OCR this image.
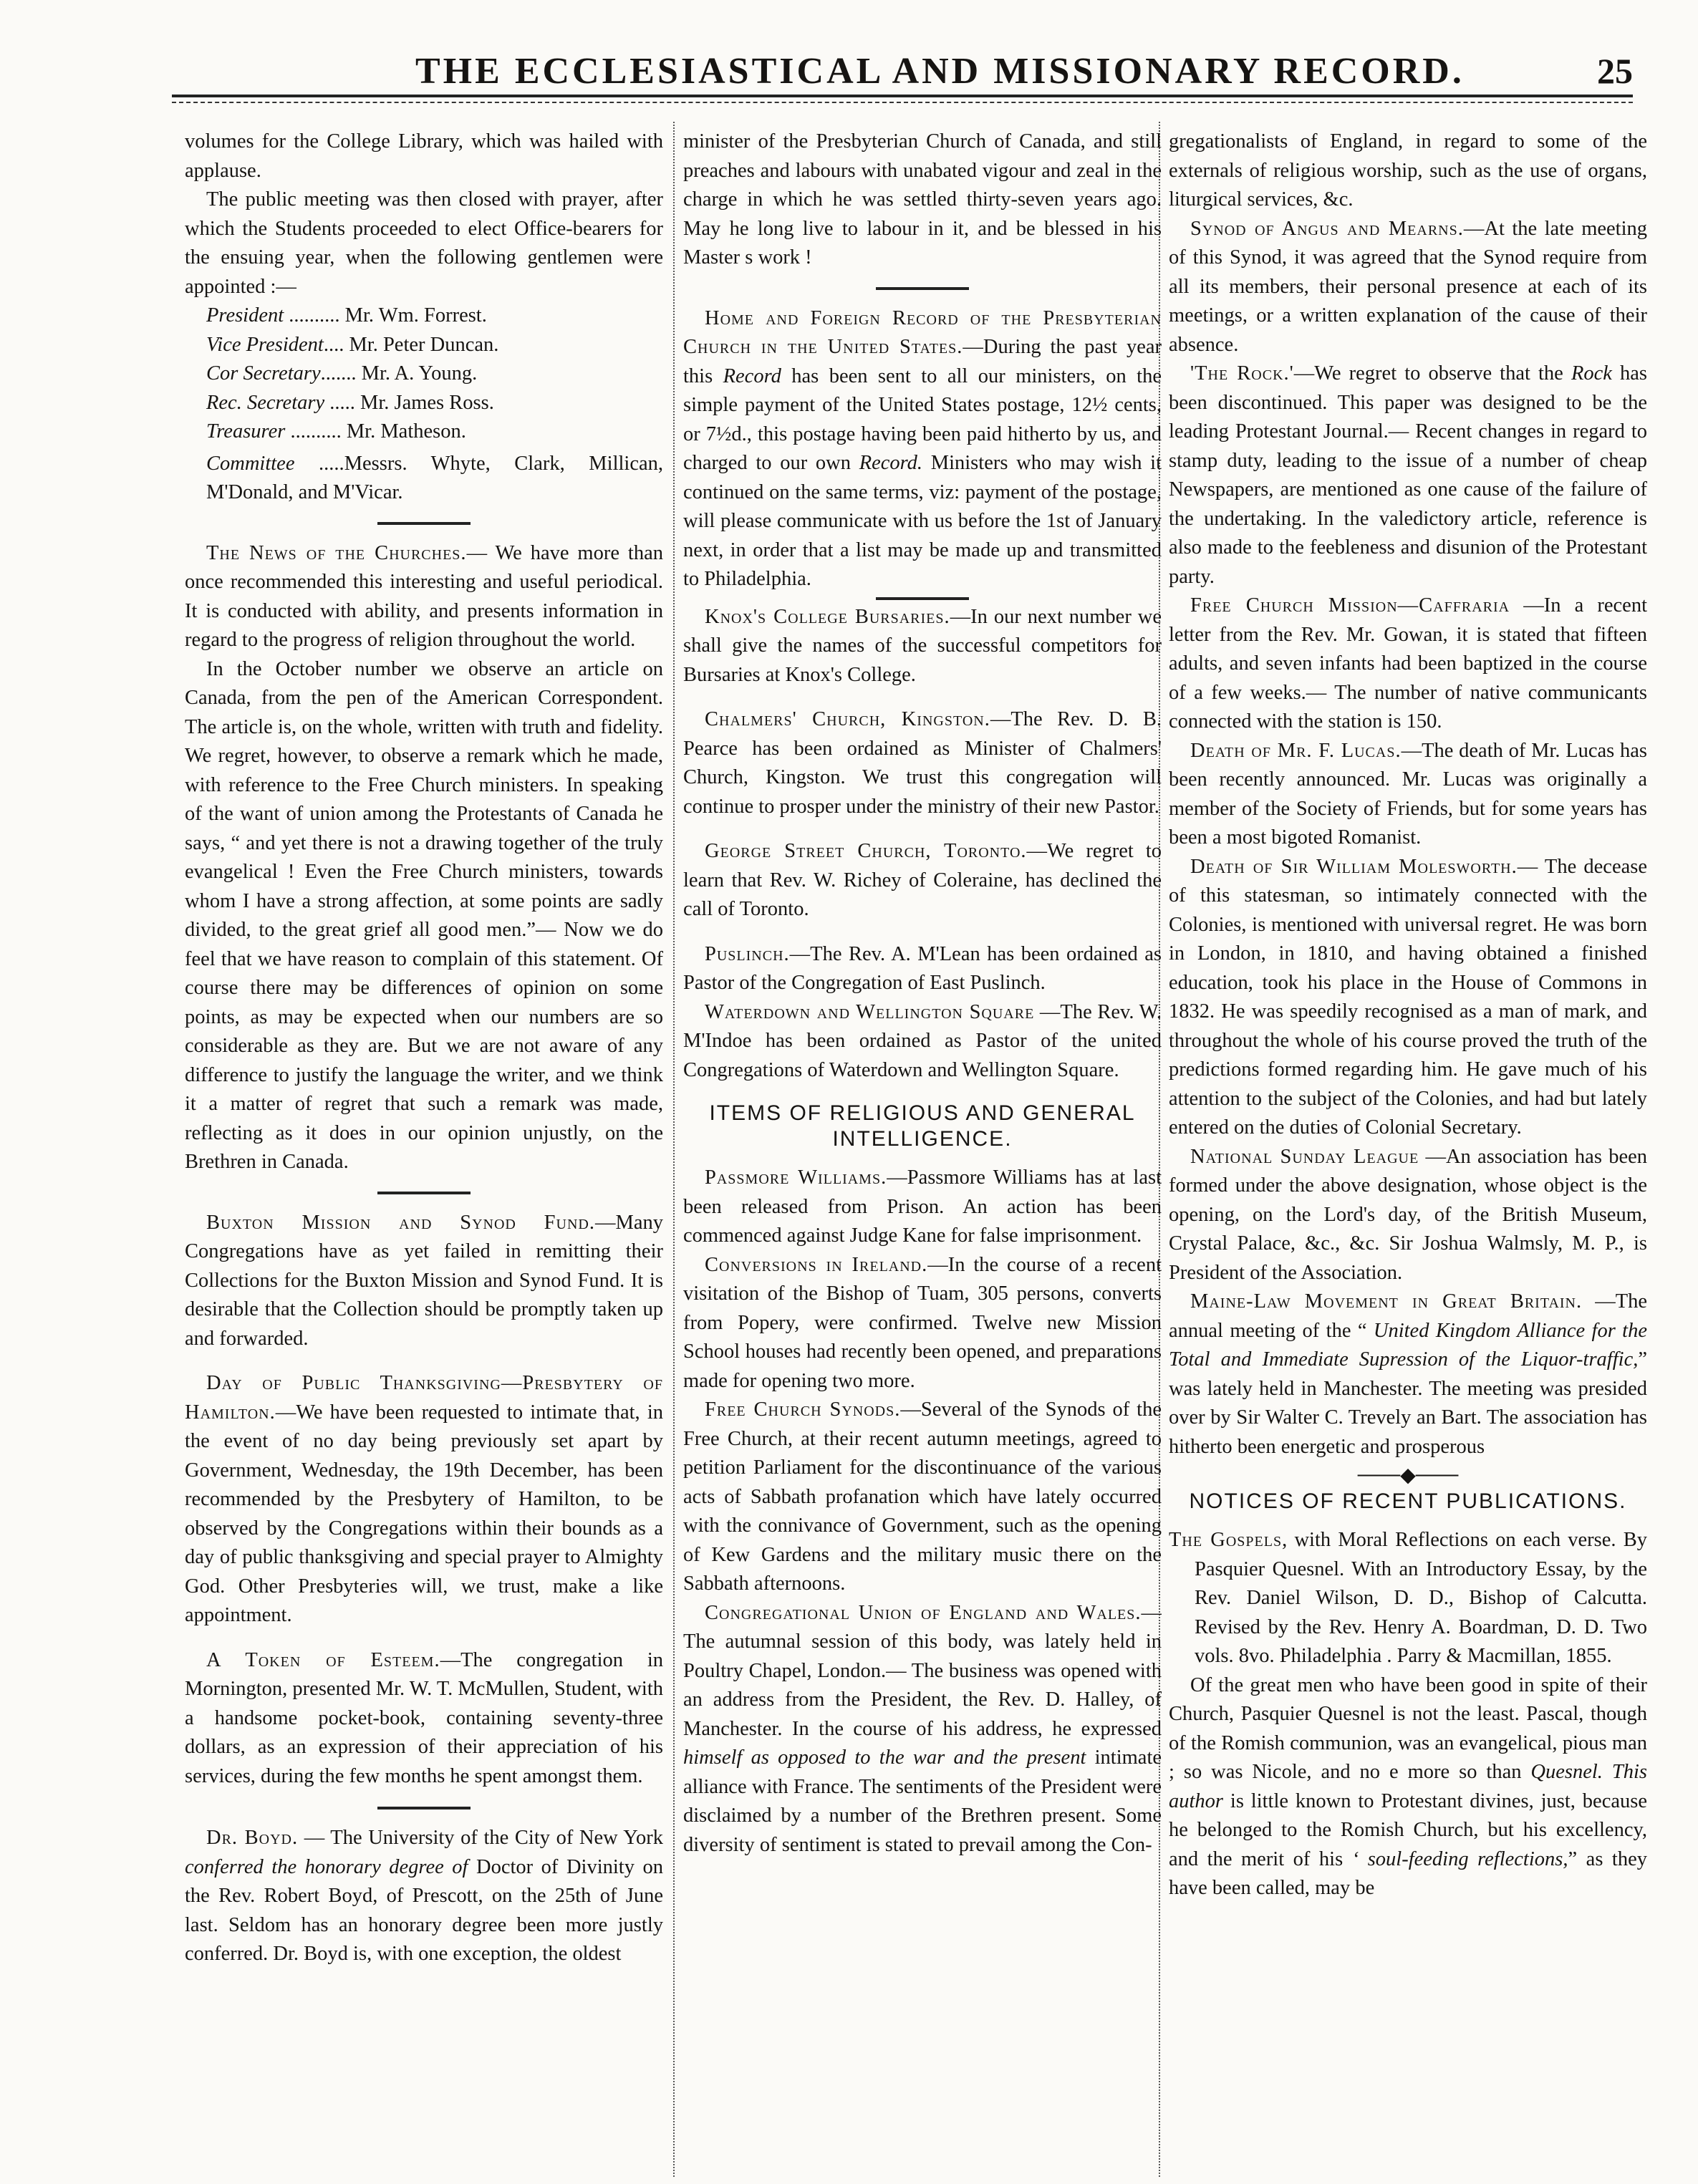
THE ECCLESIASTICAL AND MISSIONARY RECORD.	25

volumes for the College Library, which was hailed with applause.

The public meeting was then closed with prayer, after which the Students proceeded to elect Office-bearers for the ensuing year, when the following gentlemen were appointed :—

President .......... Mr. Wm. Forrest.
Vice President.... Mr. Peter Duncan.
Cor Secretary....... Mr. A. Young.
Rec. Secretary ..... Mr. James Ross.
Treasurer .......... Mr. Matheson.

Committee .....Messrs. Whyte, Clark, Millican, M'Donald, and M'Vicar.

The News of the Churches.— We have more than once recommended this interesting and useful periodical. It is conducted with ability, and presents information in regard to the progress of religion throughout the world.

In the October number we observe an article on Canada, from the pen of the American Correspondent. The article is, on the whole, written with truth and fidelity. We regret, however, to observe a remark which he made, with reference to the Free Church ministers. In speaking of the want of union among the Protestants of Canada he says, “ and yet there is not a drawing together of the truly evangelical ! Even the Free Church ministers, towards whom I have a strong affection, at some points are sadly divided, to the great grief all good men.”— Now we do feel that we have reason to complain of this statement. Of course there may be differences of opinion on some points, as may be expected when our numbers are so considerable as they are. But we are not aware of any difference to justify the language the writer, and we think it a matter of regret that such a remark was made, reflecting as it does in our opinion unjustly, on the Brethren in Canada.

Buxton Mission and Synod Fund.—Many Congregations have as yet failed in remitting their Collections for the Buxton Mission and Synod Fund. It is desirable that the Collection should be promptly taken up and forwarded.

Day of Public Thanksgiving—Presbytery of Hamilton.—We have been requested to intimate that, in the event of no day being previously set apart by Government, Wednesday, the 19th December, has been recommended by the Presbytery of Hamilton, to be observed by the Congregations within their bounds as a day of public thanksgiving and special prayer to Almighty God. Other Presbyteries will, we trust, make a like appointment.

A Token of Esteem.—The congregation in Mornington, presented Mr. W. T. McMullen, Student, with a handsome pocket-book, containing seventy-three dollars, as an expression of their appreciation of his services, during the few months he spent amongst them.

Dr. Boyd. — The University of the City of New York conferred the honorary degree of Doctor of Divinity on the Rev. Robert Boyd, of Prescott, on the 25th of June last. Seldom has an honorary degree been more justly conferred. Dr. Boyd is, with one exception, the oldest

minister of the Presbyterian Church of Canada, and still preaches and labours with unabated vigour and zeal in the charge in which he was settled thirty-seven years ago. May he long live to labour in it, and be blessed in his Master s work !

Home and Foreign Record of the Presbyterian Church in the United States.—During the past year this Record has been sent to all our ministers, on the simple payment of the United States postage, 12½ cents, or 7½d., this postage having been paid hitherto by us, and charged to our own Record. Ministers who may wish it continued on the same terms, viz: payment of the postage, will please communicate with us before the 1st of January next, in order that a list may be made up and transmitted to Philadelphia.

Knox's College Bursaries.—In our next number we shall give the names of the successful competitors for Bursaries at Knox's College.

Chalmers' Church, Kingston.—The Rev. D. B. Pearce has been ordained as Minister of Chalmers' Church, Kingston. We trust this congregation will continue to prosper under the ministry of their new Pastor.

George Street Church, Toronto.—We regret to learn that Rev. W. Richey of Coleraine, has declined the call of Toronto.

Puslinch.—The Rev. A. M'Lean has been ordained as Pastor of the Congregation of East Puslinch.

Waterdown and Wellington Square —The Rev. W. M'Indoe has been ordained as Pastor of the united Congregations of Waterdown and Wellington Square.

ITEMS OF RELIGIOUS AND GENERAL
INTELLIGENCE.

Passmore Williams.—Passmore Williams has at last been released from Prison. An action has been commenced against Judge Kane for false imprisonment.

Conversions in Ireland.—In the course of a recent visitation of the Bishop of Tuam, 305 persons, converts from Popery, were confirmed. Twelve new Mission School houses had recently been opened, and preparations made for opening two more.

Free Church Synods.—Several of the Synods of the Free Church, at their recent autumn meetings, agreed to petition Parliament for the discontinuance of the various acts of Sabbath profanation which have lately occurred with the connivance of Government, such as the opening of Kew Gardens and the military music there on the Sabbath afternoons.

Congregational Union of England and Wales.—The autumnal session of this body, was lately held in Poultry Chapel, London.— The business was opened with an address from the President, the Rev. D. Halley, of Manchester. In the course of his address, he expressed himself as opposed to the war and the present intimate alliance with France. The sentiments of the President were disclaimed by a number of the Brethren present. Some diversity of sentiment is stated to prevail among the Con-

gregationalists of England, in regard to some of the externals of religious worship, such as the use of organs, liturgical services, &c.

Synod of Angus and Mearns.—At the late meeting of this Synod, it was agreed that the Synod require from all its members, their personal presence at each of its meetings, or a written explanation of the cause of their absence.

'The Rock.'—We regret to observe that the Rock has been discontinued. This paper was designed to be the leading Protestant Journal.— Recent changes in regard to stamp duty, leading to the issue of a number of cheap Newspapers, are mentioned as one cause of the failure of the undertaking. In the valedictory article, reference is also made to the feebleness and disunion of the Protestant party.

Free Church Mission—Caffraria —In a recent letter from the Rev. Mr. Gowan, it is stated that fifteen adults, and seven infants had been baptized in the course of a few weeks.— The number of native communicants connected with the station is 150.

Death of Mr. F. Lucas.—The death of Mr. Lucas has been recently announced. Mr. Lucas was originally a member of the Society of Friends, but for some years has been a most bigoted Romanist.

Death of Sir William Molesworth.— The decease of this statesman, so intimately connected with the Colonies, is mentioned with universal regret. He was born in London, in 1810, and having obtained a finished education, took his place in the House of Commons in 1832. He was speedily recognised as a man of mark, and throughout the whole of his course proved the truth of the predictions formed regarding him. He gave much of his attention to the subject of the Colonies, and had but lately entered on the duties of Colonial Secretary.

National Sunday League —An association has been formed under the above designation, whose object is the opening, on the Lord's day, of the British Museum, Crystal Palace, &c., &c. Sir Joshua Walmsly, M. P., is President of the Association.

Maine-Law Movement in Great Britain. —The annual meeting of the “ United Kingdom Alliance for the Total and Immediate Supression of the Liquor-traffic,” was lately held in Manchester. The meeting was presided over by Sir Walter C. Trevely an Bart. The association has hitherto been energetic and prosperous

───◆───
NOTICES OF RECENT PUBLICATIONS.

The Gospels, with Moral Reflections on each verse. By Pasquier Quesnel. With an Introductory Essay, by the Rev. Daniel Wilson, D. D., Bishop of Calcutta. Revised by the Rev. Henry A. Boardman, D. D. Two vols. 8vo. Philadelphia . Parry & Macmillan, 1855.

Of the great men who have been good in spite of their Church, Pasquier Quesnel is not the least. Pascal, though of the Romish communion, was an evangelical, pious man ; so was Nicole, and no e more so than Quesnel. This author is little known to Protestant divines, just, because he belonged to the Romish Church, but his excellency, and the merit of his ‘ soul-feeding reflections,” as they have been called, may be
